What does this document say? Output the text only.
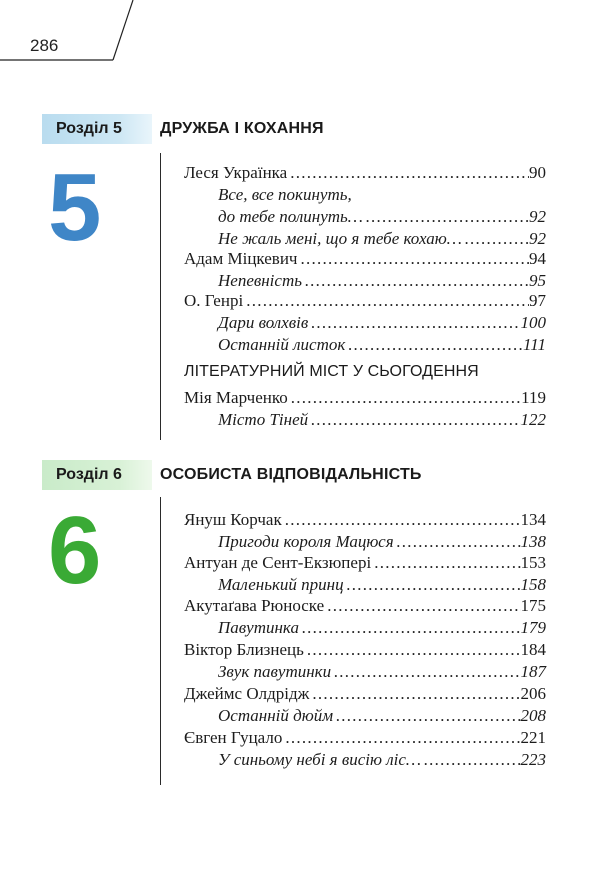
286
Розділ 5	ДРУЖБА І КОХАННЯ
5	Леся Українка . . .	90
Все, все покинуть,
до тебе полинуть… . . .	92
Не жаль мені, що я тебе кохаю… . . .	92
Адам Міцкевич . . .	94
Непевність . . .	95
О. Генрі . . .	97
Дари волхвів . . .	100
Останній листок . . .	111
ЛІТЕРАТУРНИЙ МІСТ У СЬОГОДЕННЯ
Мія Марченко . . .	119
Місто Тіней . . .	122
Розділ 6	ОСОБИСТА ВІДПОВІДАЛЬНІСТЬ
6	Януш Корчак . . .	134
Пригоди короля Мацюся . . .	138
Антуан де Сент-Екзюпері . . .	153
Маленький принц . . .	158
Акутаґава Рюноске . . .	175
Павутинка . . .	179
Віктор Близнець . . .	184
Звук павутинки . . .	187
Джеймс Олдрідж . . .	206
Останній дюйм . . .	208
Євген Гуцало . . .	221
У синьому небі я висію ліс… . . .	223
